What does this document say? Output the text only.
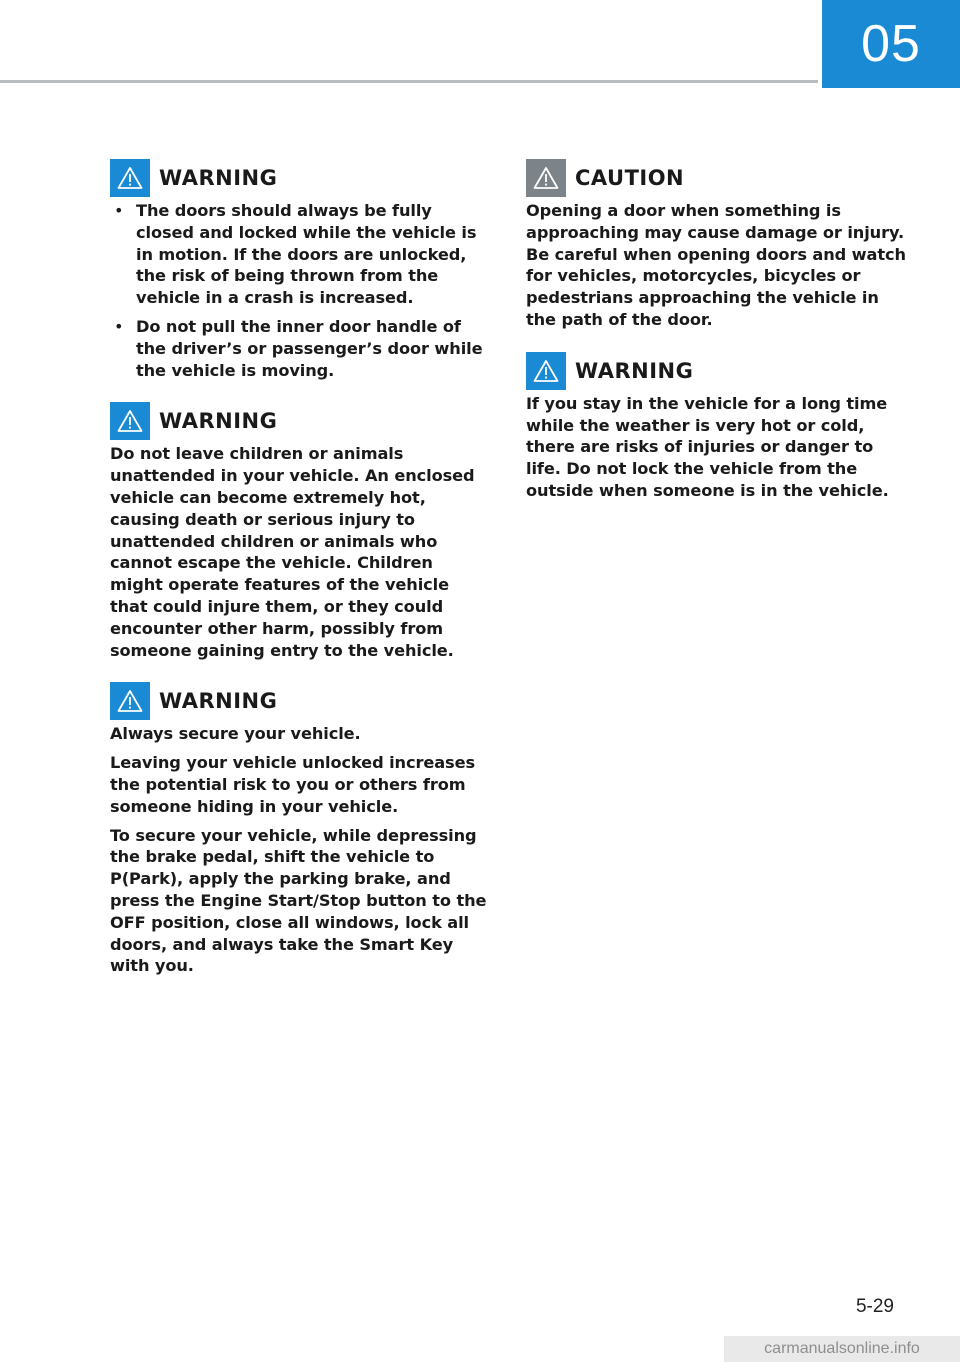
05
WARNING
• The doors should always be fully closed and locked while the vehicle is in motion. If the doors are unlocked, the risk of being thrown from the vehicle in a crash is increased.
• Do not pull the inner door handle of the driver’s or passenger’s door while the vehicle is moving.
WARNING

Do not leave children or animals unattended in your vehicle. An enclosed vehicle can become extremely hot, causing death or serious injury to unattended children or animals who cannot escape the vehicle. Children might operate features of the vehicle that could injure them, or they could encounter other harm, possibly from someone gaining entry to the vehicle.

WARNING

Always secure your vehicle.

Leaving your vehicle unlocked increases the potential risk to you or others from someone hiding in your vehicle.

To secure your vehicle, while depressing the brake pedal, shift the vehicle to P(Park), apply the parking brake, and press the Engine Start/Stop button to the OFF position, close all windows, lock all doors, and always take the Smart Key with you.

CAUTION

Opening a door when something is approaching may cause damage or injury. Be careful when opening doors and watch for vehicles, motorcycles, bicycles or pedestrians approaching the vehicle in the path of the door.

WARNING

If you stay in the vehicle for a long time while the weather is very hot or cold, there are risks of injuries or danger to life. Do not lock the vehicle from the outside when someone is in the vehicle.

5-29
carmanualsonline.info
